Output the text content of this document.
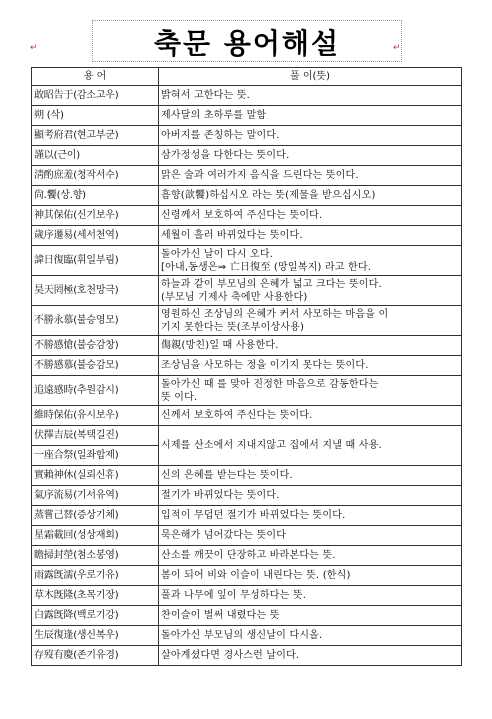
축문 용어해설	↵
↵
용 어	풀 이(뜻)
敢昭告于(감소고우)	밝혀서 고한다는 뜻.

朔 (삭)	제사달의 초하루를 말함

顯考府君(현고부군)	아버지를 존칭하는 말이다.

謹以(근이)	삼가정성을 다한다는 뜻이다.

淸酌庶羞(청작서수)	맑은 술과 여러가지 음식을 드린다는 뜻이다.

尙.饗(상.향)	흠향(歆饗)하십시오 라는 뜻(제물을 받으십시오)

神其保佑(신기보우)	신령께서 보호하여 주신다는 뜻이다.

歲序遷易(세서천역)	세월이 흘러 바뀌었다는 뜻이다.

諱日復臨(휘일부림)	돌아가신 날이 다시 오다.
[아내,동생은⇒ 亡日復至 (망일복지) 라고 한다.

昊天罔極(호천망극)	하늘과 같이 부모님의 은혜가 넓고 크다는 뜻이다.
(부모님 기제사 축에만 사용한다)

不勝永慕(불승영모)	영원하신 조상님의 은혜가 커서 사모하는 마음을 이
기지 못한다는 뜻(조부이상사용)

不勝感愴(불승감창)	傷親(방친)일 때 사용한다.

不勝感慕(불승감모)	조상님을 사모하는 정을 이기지 못다는 뜻이다.

追遠感時(추원감시)	돌아가신 때 를 맞아 진정한 마음으로 감동한다는
뜻 이다.

維時保佑(유시보우)	신께서 보호하여 주신다는 뜻이다.

伏擇吉辰(복택길진)	시제를 산소에서 지내지않고 집에서 지낼 때 사용.
一座合祭(일좌합제)	
實賴神休(실뢰신휴)	신의 은혜를 받는다는 뜻이다.

氣序流易(기서유역)	절기가 바뀌었다는 뜻이다.

蒸嘗己替(증상기체)	입적이 무덥던 절기가 바뀌었다는 뜻이다.

星霜載回(성상재회)	묵은해가 넘어갔다는 뜻이다

瞻掃封塋(첨소봉영)	산소를 깨끗이 단장하고 바라본다는 뜻.

雨露旣濡(우로기유)	봄이 되어 비와 이슬이 내린다는 뜻. (한식)

草木旣隆(초목기장)	풀과 나무에 잎이 무성하다는 뜻.

白露旣降(백로기강)	찬이슬이 벌써 내렸다는 뜻

生辰復逢(생신복우)	돌아가신 부모님의 생신날이 다시올.

存歿有慶(존기유경)	살아계셨다면 경사스런 날이다.
